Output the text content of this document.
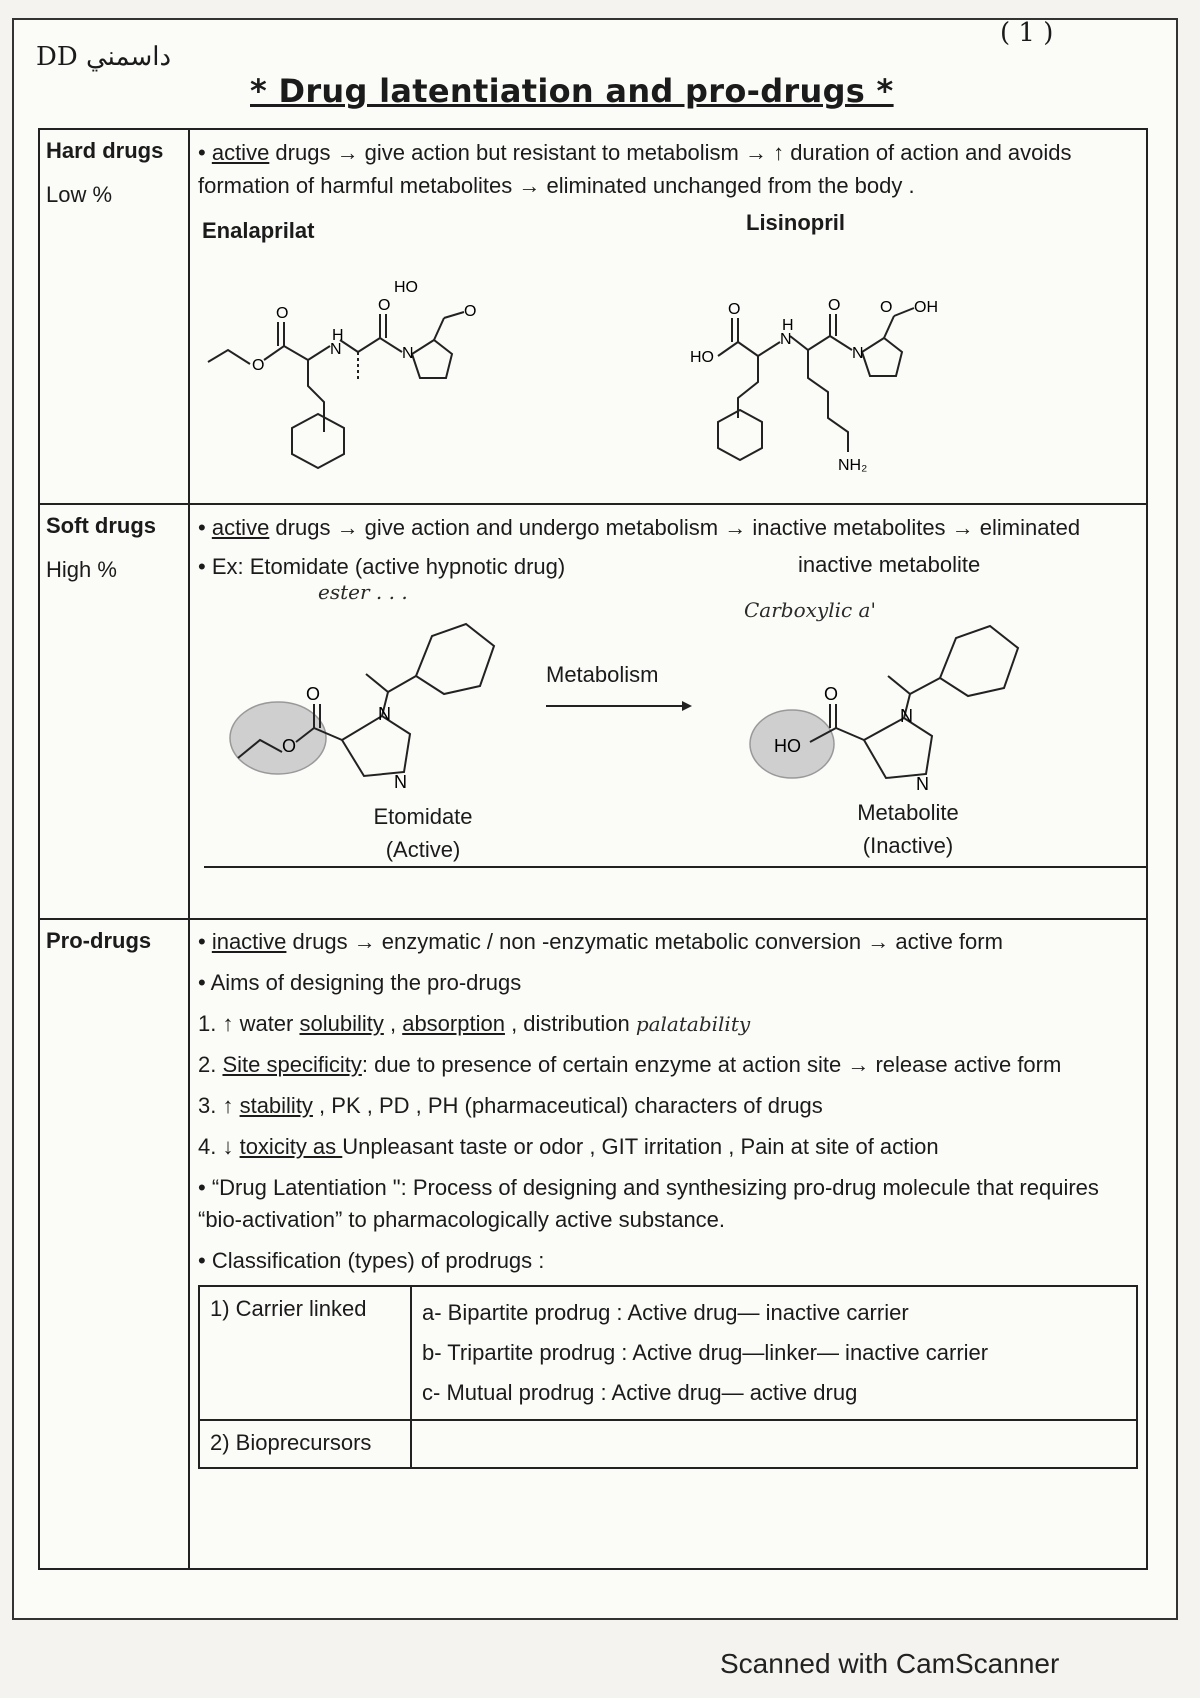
DD داسمني
( 1 )
* Drug latentiation and pro-drugs *
Hard drugs
Low %

• active drugs → give action but resistant to metabolism → ↑ duration of action and avoids formation of harmful metabolites → eliminated unchanged from the body .
Enalaprilat	Lisinopril
O
O
H
N
O
N
HO
O
HO
O
H
N
O
N
O OH
NH₂

Soft drugs
High %

• active drugs → give action and undergo metabolism → inactive metabolites → eliminated
• Ex: Etomidate (active hypnotic drug)	inactive metabolite
ester . . .
Carboxylic a'
O
O
N
N
Metabolism
HO
O
N
N
Etomidate
(Active)
Metabolite
(Inactive)

Pro-drugs	• inactive drugs → enzymatic / non -enzymatic metabolic conversion → active form
• Aims of designing the pro-drugs
1. ↑ water solubility , absorption , distribution palatability
2. Site specificity: due to presence of certain enzyme at action site → release active form
3. ↑ stability , PK , PD , PH (pharmaceutical) characters of drugs
4. ↓ toxicity as Unpleasant taste or odor , GIT irritation , Pain at site of action
• “Drug Latentiation ": Process of designing and synthesizing pro-drug molecule that requires “bio-activation” to pharmacologically active substance.
• Classification (types) of prodrugs :
1) Carrier linked	a- Bipartite prodrug : Active drug— inactive carrier
b- Tripartite prodrug : Active drug—linker— inactive carrier
c- Mutual prodrug : Active drug— active drug

2) Bioprecursors	
Scanned with CamScanner
